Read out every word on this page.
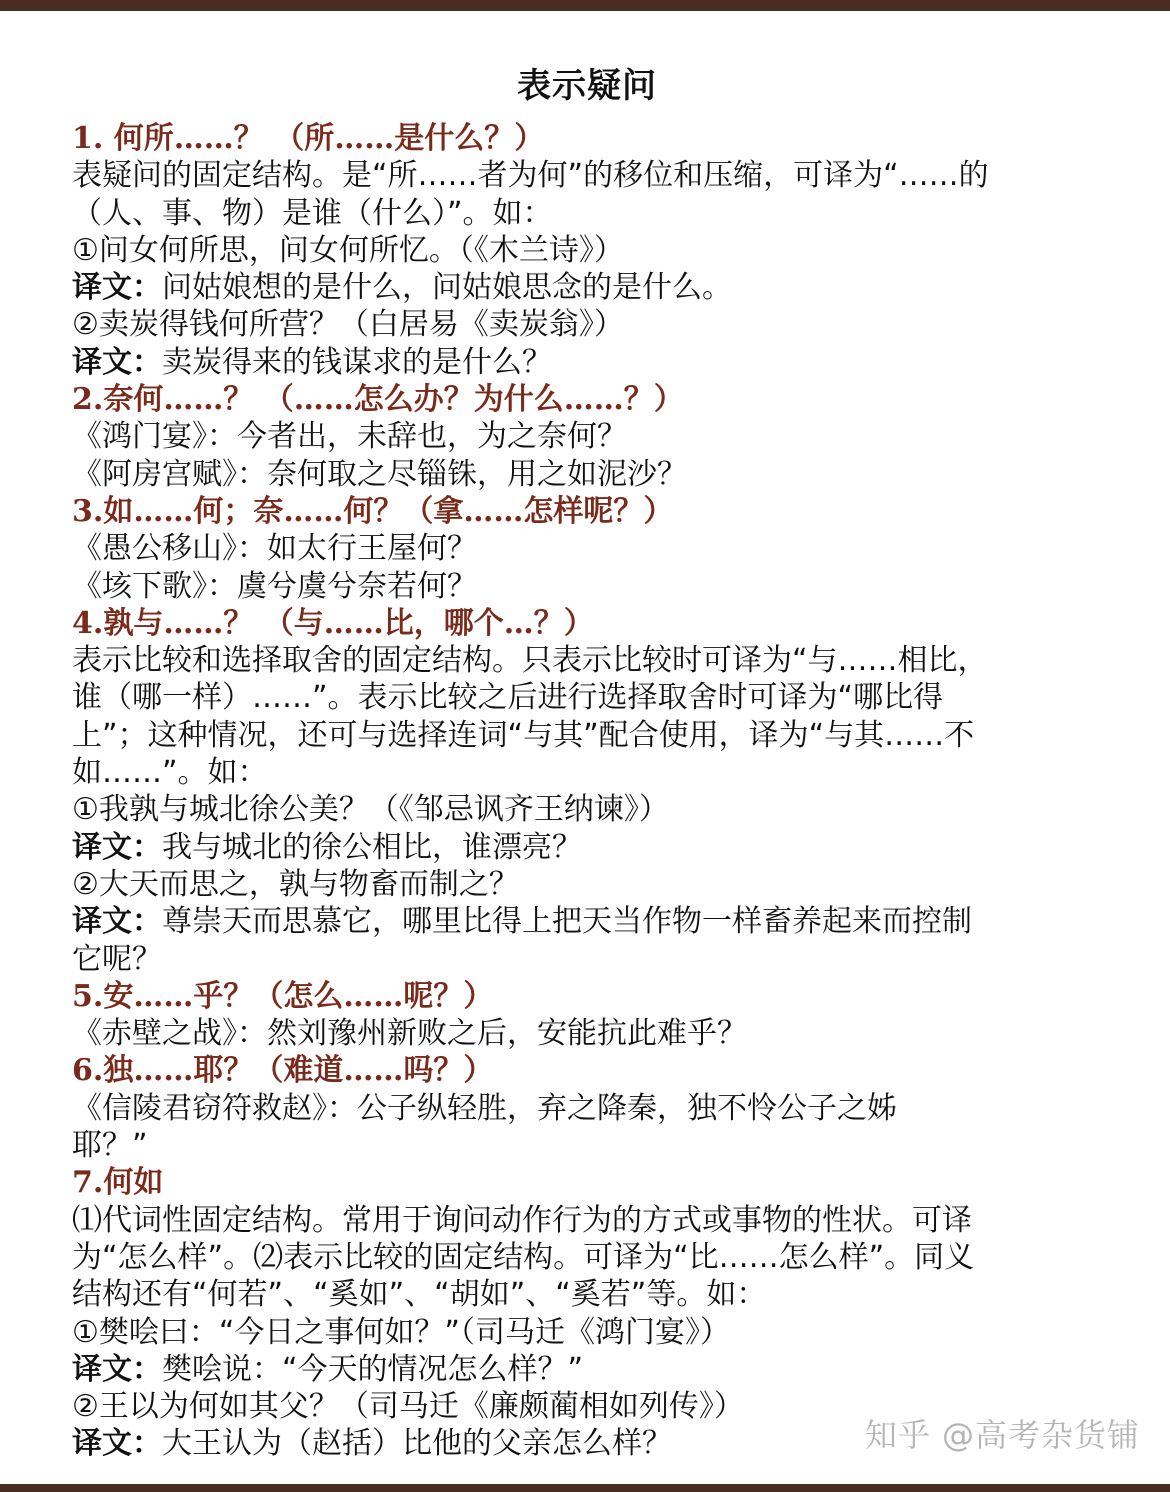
表示疑问

1. 何所……？ （所……是什么？）

表疑问的固定结构。是“所……者为何”的移位和压缩，可译为“……的

（人、事、物）是谁（什么）”。如：

①问女何所思，问女何所忆。（《木兰诗》）

译文：问姑娘想的是什么，问姑娘思念的是什么。

②卖炭得钱何所营？（白居易《卖炭翁》）

译文：卖炭得来的钱谋求的是什么？

2.奈何……？ （……怎么办？为什么……？）

《鸿门宴》：今者出，未辞也，为之奈何？

《阿房宫赋》：奈何取之尽锱铢，用之如泥沙？

3.如……何；奈……何？（拿……怎样呢？）

《愚公移山》：如太行王屋何？

《垓下歌》：虞兮虞兮奈若何？

4.孰与……？ （与……比，哪个…？）

表示比较和选择取舍的固定结构。只表示比较时可译为“与……相比，

谁（哪一样）……”。表示比较之后进行选择取舍时可译为“哪比得

上”；这种情况，还可与选择连词“与其”配合使用，译为“与其……不

如……”。如：

①我孰与城北徐公美？（《邹忌讽齐王纳谏》）

译文：我与城北的徐公相比，谁漂亮？

②大天而思之，孰与物畜而制之？

译文：尊崇天而思慕它，哪里比得上把天当作物一样畜养起来而控制

它呢？

5.安……乎？（怎么……呢？）

《赤壁之战》：然刘豫州新败之后，安能抗此难乎？

6.独……耶？（难道……吗？）

《信陵君窃符救赵》：公子纵轻胜，弃之降秦，独不怜公子之姊

耶？”

7.何如

⑴代词性固定结构。常用于询问动作行为的方式或事物的性状。可译

为“怎么样”。⑵表示比较的固定结构。可译为“比……怎么样”。同义

结构还有“何若”、“奚如”、“胡如”、“奚若”等。如：

①樊哙曰：“今日之事何如？”（司马迁《鸿门宴》）

译文：樊哙说：“今天的情况怎么样？”

②王以为何如其父？（司马迁《廉颇蔺相如列传》）

译文：大王认为（赵括）比他的父亲怎么样？	知乎 @高考杂货铺
